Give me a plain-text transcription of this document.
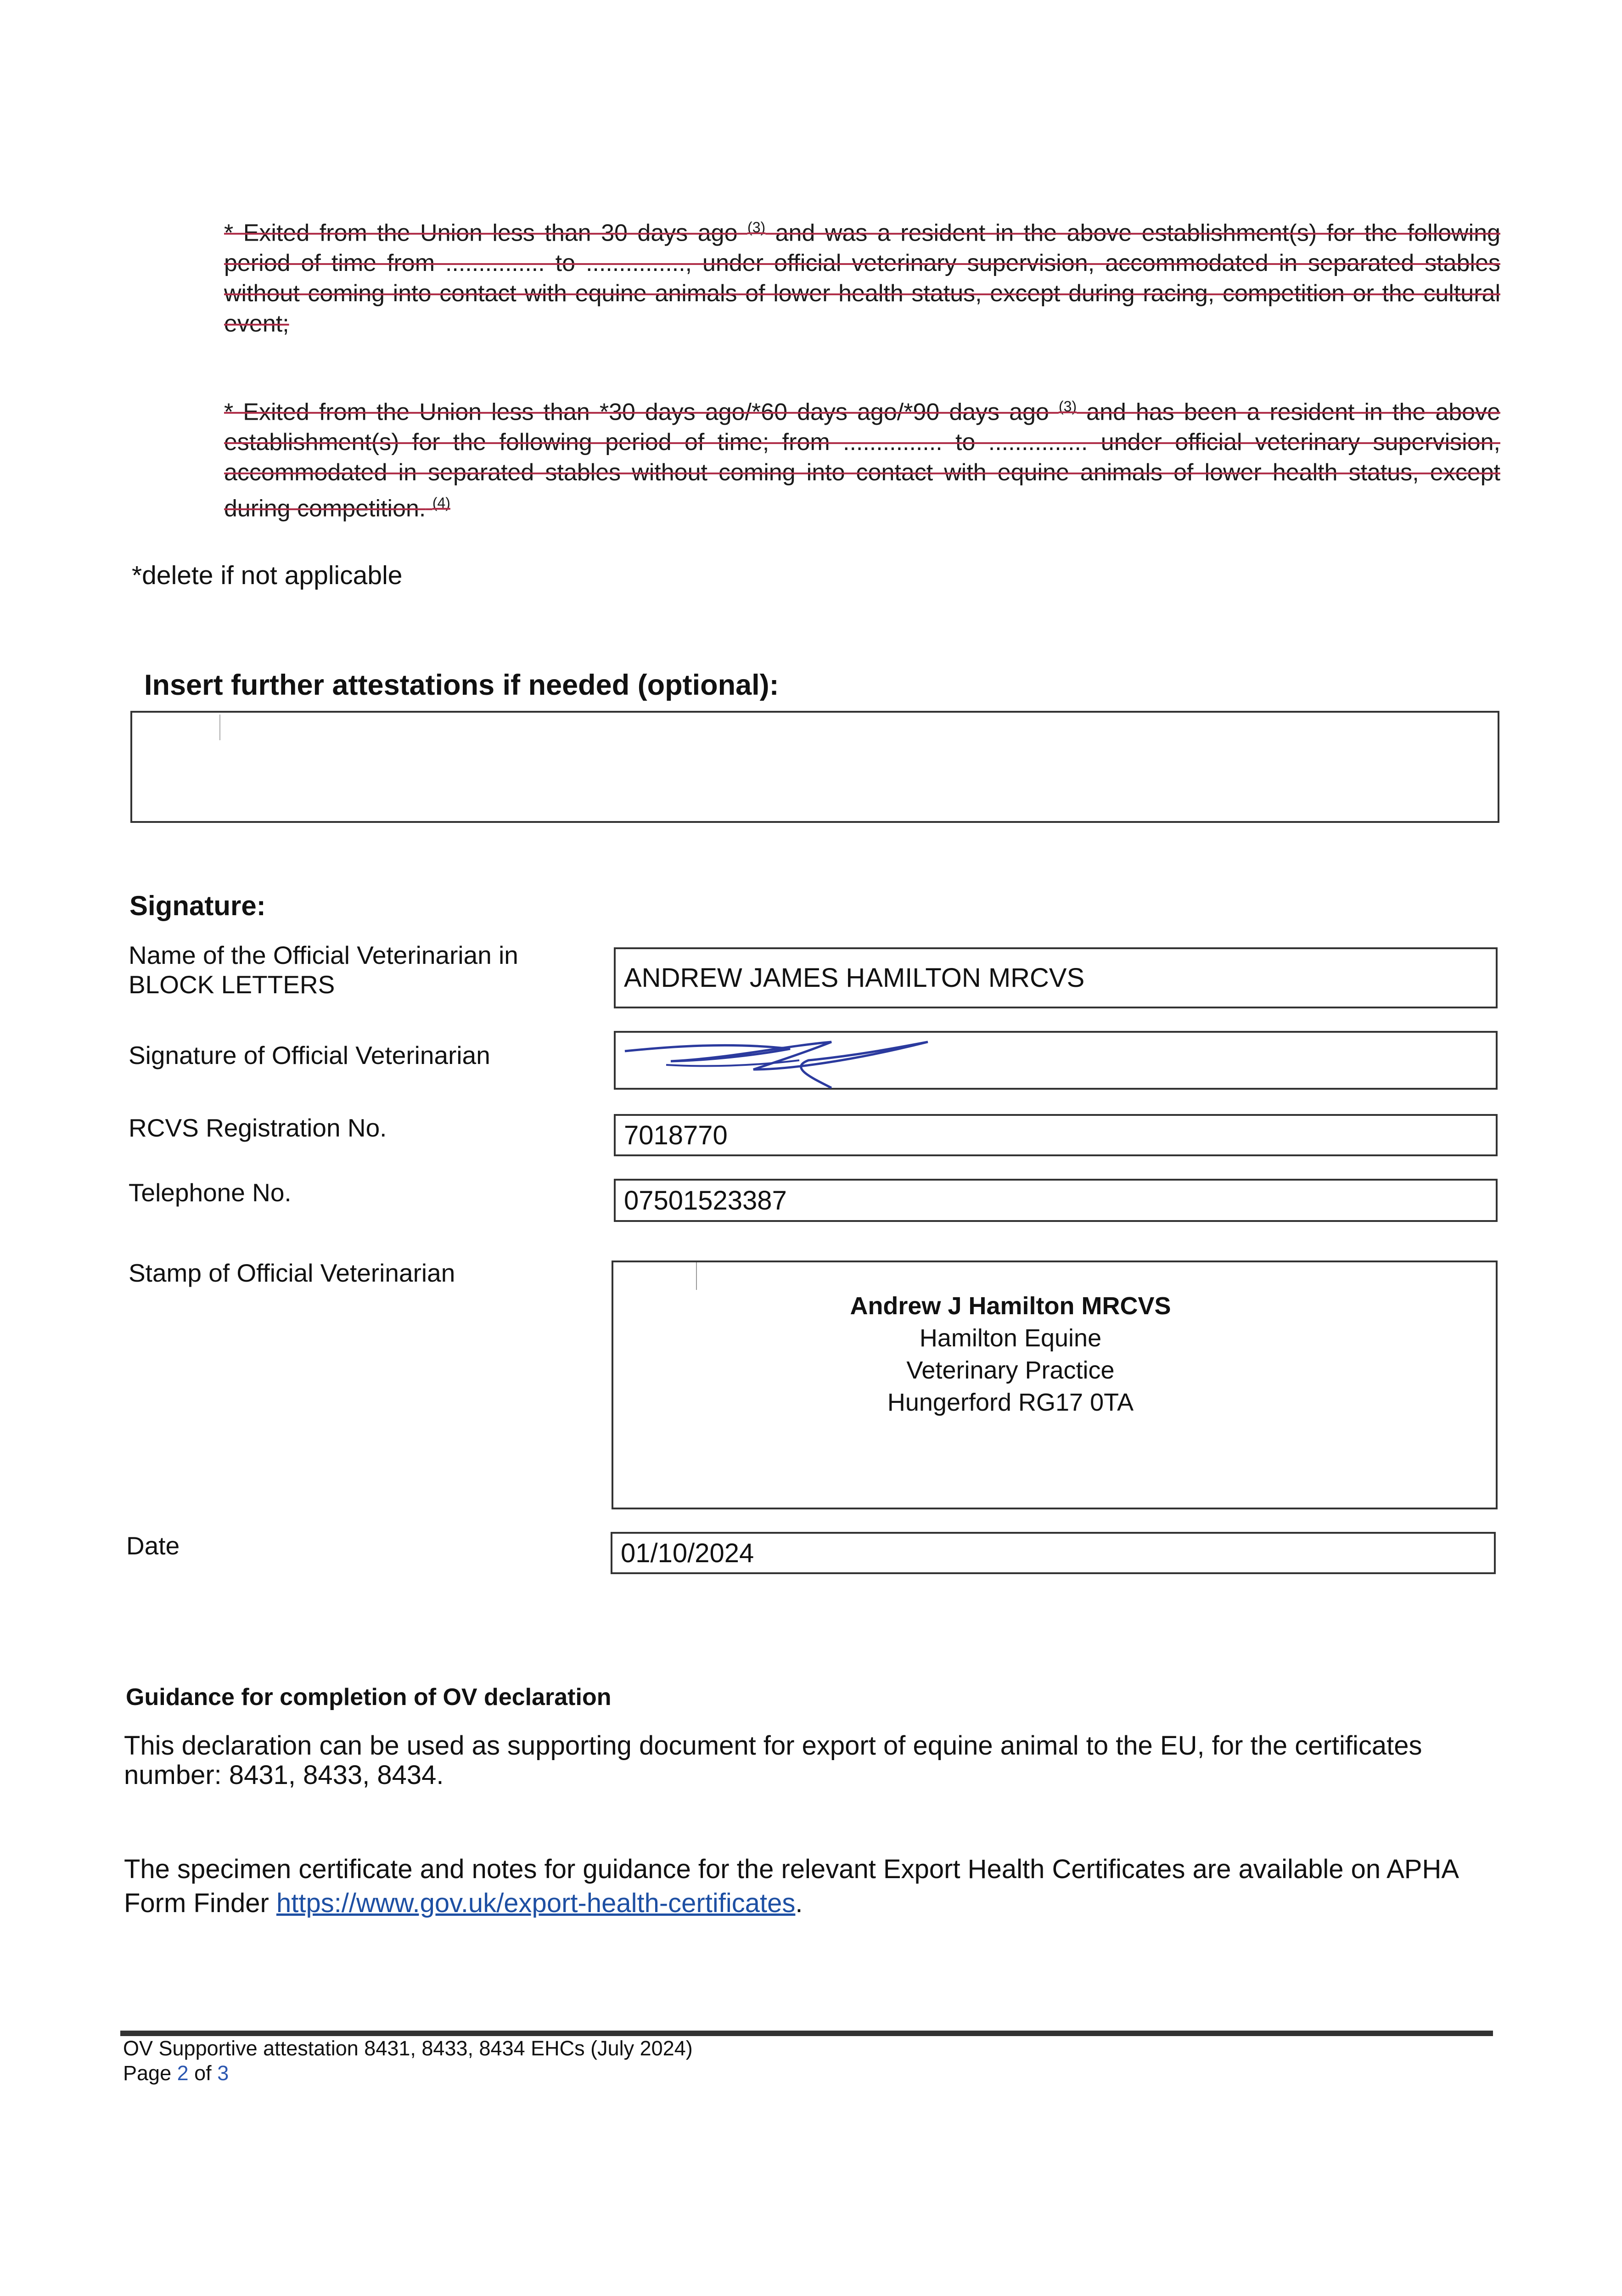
* Exited from the Union less than 30 days ago $^{(3)}$ and was a resident in the above establishment(s) for the following period of time from ............... to ..............., under official veterinary supervision, accommodated in separated stables without coming into contact with equine animals of lower health status, except during racing, competition or the cultural event;
* Exited from the Union less than *30 days ago/*60 days ago/*90 days ago $^{(3)}$ and has been a resident in the above establishment(s) for the following period of time; from ............... to ............... under official veterinary supervision, accommodated in separated stables without coming into contact with equine animals of lower health status, except during competition. $^{(4)}$
*delete if not applicable
Insert further attestations if needed (optional):
Signature:
Name of the Official Veterinarian in
BLOCK LETTERS	ANDREW JAMES HAMILTON MRCVS
Signature of Official Veterinarian
RCVS Registration No.	7018770
Telephone No.	07501523387
Stamp of Official Veterinarian
Andrew J Hamilton MRCVS
Hamilton Equine
Veterinary Practice
Hungerford RG17 0TA
Date	01/10/2024
Guidance for completion of OV declaration
This declaration can be used as supporting document for export of equine animal to the EU, for the certificates number: 8431, 8433, 8434.
The specimen certificate and notes for guidance for the relevant Export Health Certificates are available on APHA Form Finder https://www.gov.uk/export-health-certificates.
OV Supportive attestation 8431, 8433, 8434 EHCs (July 2024)
Page 2 of 3
